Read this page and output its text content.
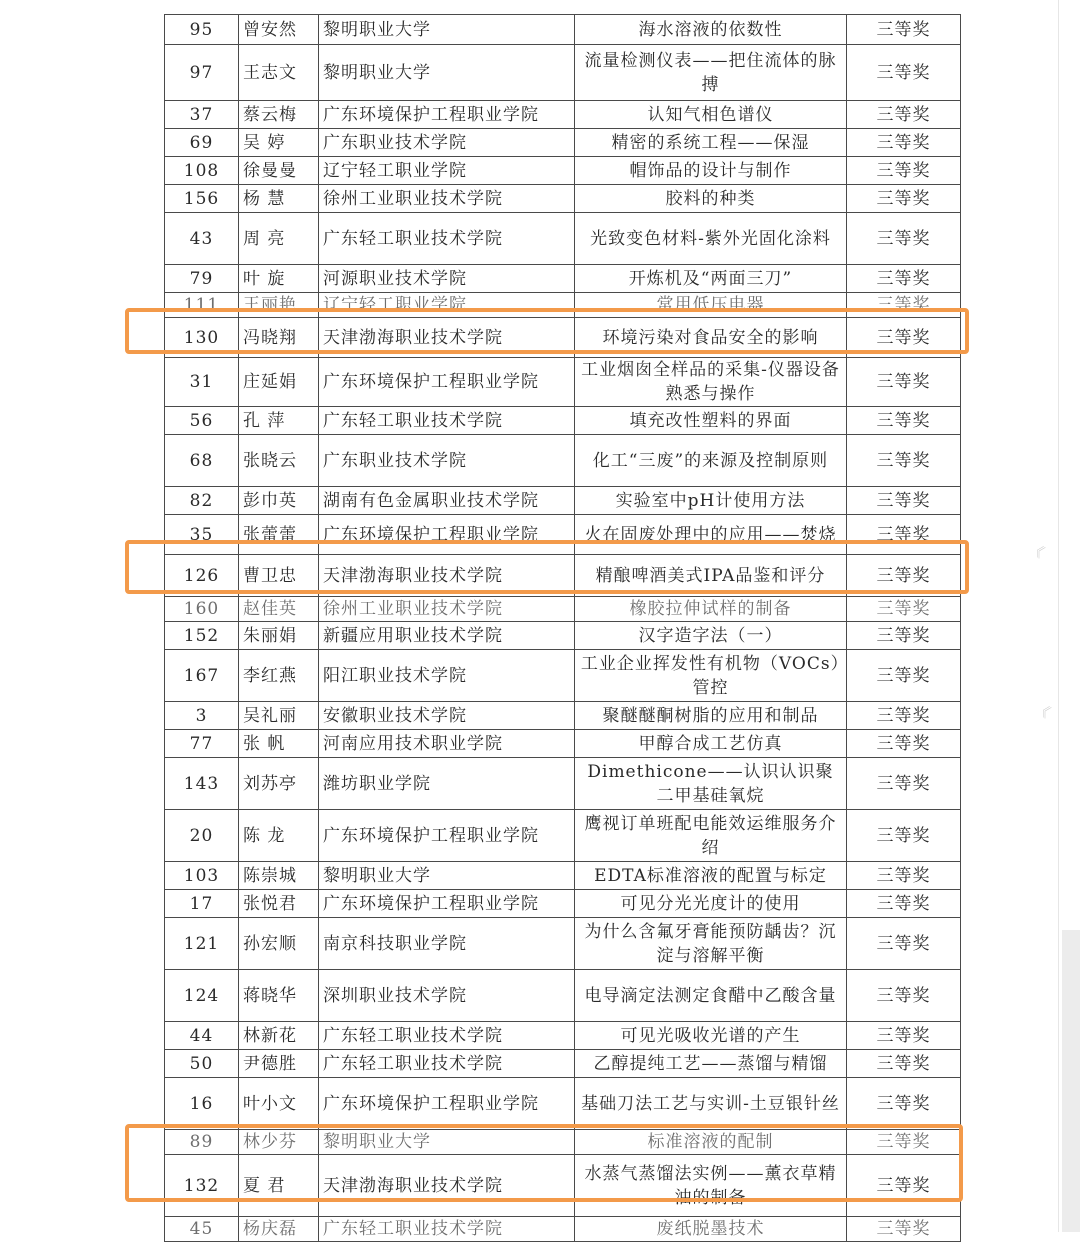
︽
︽
95	曾安然	黎明职业大学	海水溶液的依数性	三等奖
97	王志文	黎明职业大学	流量检测仪表——把住流体的脉搏	三等奖
37	蔡云梅	广东环境保护工程职业学院	认知气相色谱仪	三等奖
69	吴 婷	广东职业技术学院	精密的系统工程——保湿	三等奖
108	徐曼曼	辽宁轻工职业学院	帽饰品的设计与制作	三等奖
156	杨 慧	徐州工业职业技术学院	胶料的种类	三等奖
43	周 亮	广东轻工职业技术学院	光致变色材料-紫外光固化涂料	三等奖
79	叶 旋	河源职业技术学院	开炼机及“两面三刀”	三等奖
111	王丽艳	辽宁轻工职业学院	常用低压电器	三等奖
130	冯晓翔	天津渤海职业技术学院	环境污染对食品安全的影响	三等奖
31	庄延娟	广东环境保护工程职业学院	工业烟囱全样品的采集-仪器设备熟悉与操作	三等奖
56	孔 萍	广东轻工职业技术学院	填充改性塑料的界面	三等奖
68	张晓云	广东职业技术学院	化工“三废”的来源及控制原则	三等奖
82	彭巾英	湖南有色金属职业技术学院	实验室中pH计使用方法	三等奖
35	张蕾蕾	广东环境保护工程职业学院	火在固废处理中的应用——焚烧	三等奖
126	曹卫忠	天津渤海职业技术学院	精酿啤酒美式IPA品鉴和评分	三等奖
160	赵佳英	徐州工业职业技术学院	橡胶拉伸试样的制备	三等奖
152	朱丽娟	新疆应用职业技术学院	汉字造字法（一）	三等奖
167	李红燕	阳江职业技术学院	工业企业挥发性有机物（VOCs）管控	三等奖
3	吴礼丽	安徽职业技术学院	聚醚醚酮树脂的应用和制品	三等奖
77	张 帆	河南应用技术职业学院	甲醇合成工艺仿真	三等奖
143	刘苏亭	潍坊职业学院	Dimethicone——认识认识聚二甲基硅氧烷	三等奖
20	陈 龙	广东环境保护工程职业学院	鹰视订单班配电能效运维服务介绍	三等奖
103	陈崇城	黎明职业大学	EDTA标准溶液的配置与标定	三等奖
17	张悦君	广东环境保护工程职业学院	可见分光光度计的使用	三等奖
121	孙宏顺	南京科技职业学院	为什么含氟牙膏能预防龋齿？沉淀与溶解平衡	三等奖
124	蒋晓华	深圳职业技术学院	电导滴定法测定食醋中乙酸含量	三等奖
44	林新花	广东轻工职业技术学院	可见光吸收光谱的产生	三等奖
50	尹德胜	广东轻工职业技术学院	乙醇提纯工艺——蒸馏与精馏	三等奖
16	叶小文	广东环境保护工程职业学院	基础刀法工艺与实训-土豆银针丝	三等奖
89	林少芬	黎明职业大学	标准溶液的配制	三等奖
132	夏 君	天津渤海职业技术学院	水蒸气蒸馏法实例——薰衣草精油的制备	三等奖
45	杨庆磊	广东轻工职业技术学院	废纸脱墨技术	三等奖
